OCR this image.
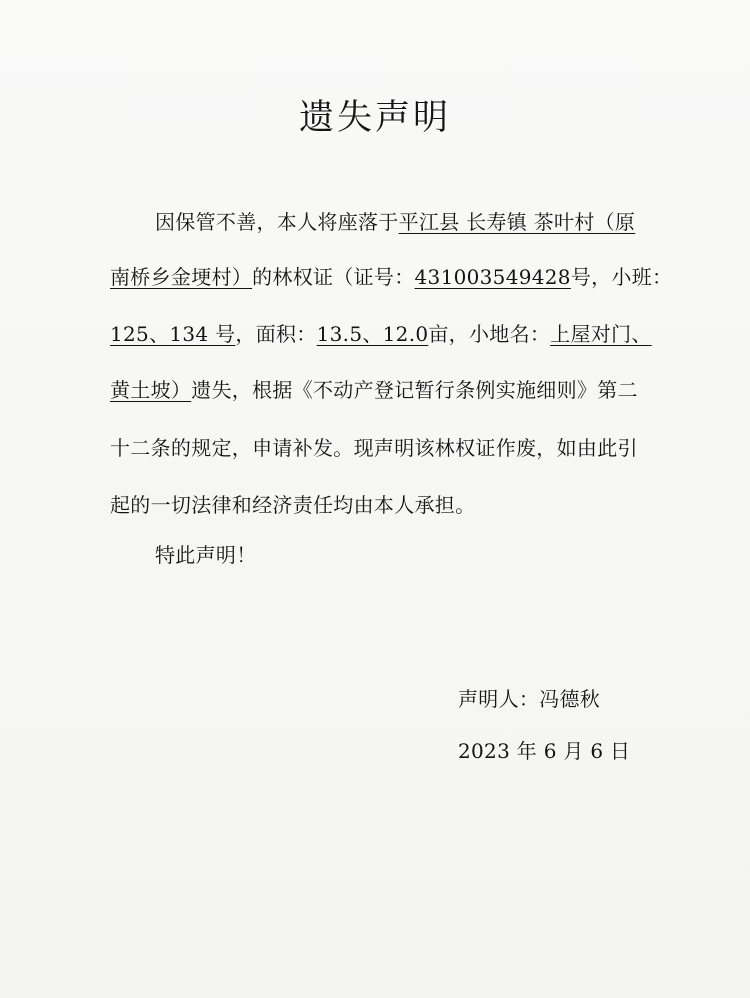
遗失声明
因保管不善，本人将座落于平江县 长寿镇 茶叶村（原
南桥乡金埂村）的林权证（证号：431003549428号，小班：
125、134 号，面积：13.5、12.0亩，小地名：上屋对门、
黄土坡）遗失，根据《不动产登记暂行条例实施细则》第二
十二条的规定，申请补发。现声明该林权证作废，如由此引
起的一切法律和经济责任均由本人承担。
特此声明！
声明人：冯德秋
2023 年 6 月 6 日
